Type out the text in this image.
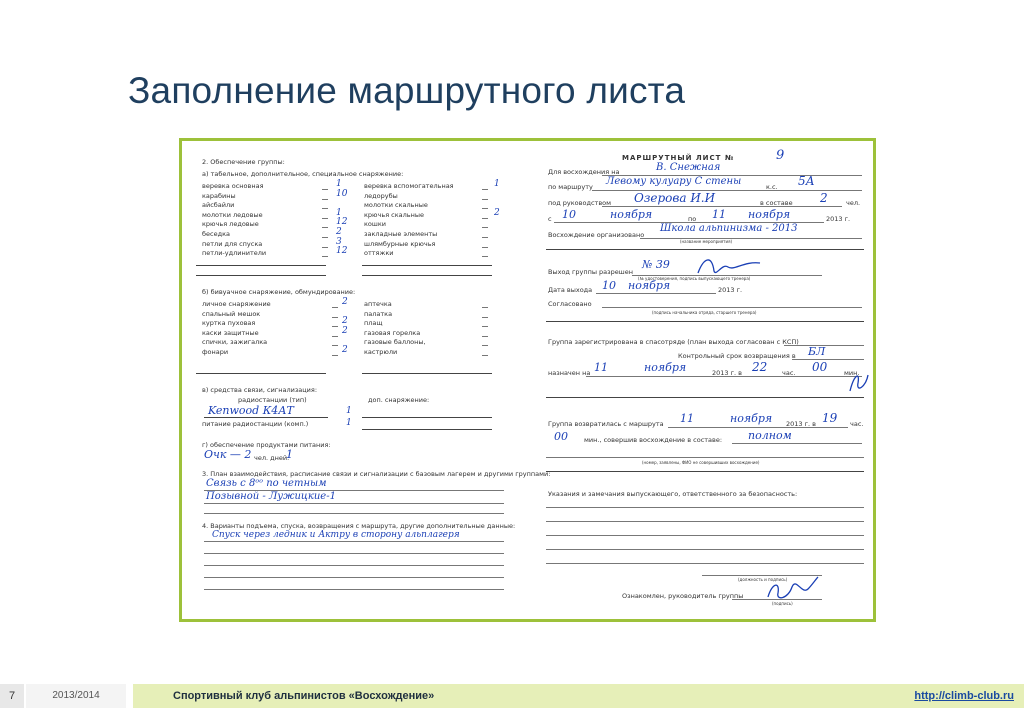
Заполнение маршрутного листа
2. Обеспечение группы:
а) табельное, дополнительное, специальное снаряжение:
веревка основная	1
карабины	10
айсбайли
молотки ледовые	1
крючья ледовые	12
беседка	2
петли для спуска	3
петли-удлинители	12
веревка вспомогательная	1
ледорубы
молотки скальные
крючья скальные	2
кошки
закладные элементы
шлямбурные крючья
оттяжки
б) бивуачное снаряжение, обмундирование:
личное снаряжение	2
спальный мешок
куртка пуховая	2
каски защитные	2
спички, зажигалка
фонари	2
аптечка
палатка
плащ
газовая горелка
газовые баллоны,
кастрюли
в) средства связи, сигнализация:
радиостанции (тип)	доп. снаряжение:
Kenwood К4АТ
питание радиостанции (комп.)
1
1
г) обеспечение продуктами питания:
Очк — 2 чел. дней.
1
3. План взаимодействия, расписание связи и сигнализации с базовым лагерем и другими группами:
Связь с 8ᵒᵒ по четным
Позывной - Лужицкие-1
4. Варианты подъема, спуска, возвращения с маршрута, другие дополнительные данные:
Спуск через ледник и Актру в сторону альплагеря
МАРШРУТНЫЙ ЛИСТ №	9
Для восхождения на	В. Снежная
по маршруту Левому кулуару С стены	к.с. 5А
под руководством Озерова И.И	в составе 2	чел.
с 10	ноября	по 11 ноября	2013 г.
Восхождение организовано
Школа альпинизма - 2013
(название мероприятия)
Выход группы разрешен
№ 39
(№ удостоверения, подпись выпускающего тренера)
Дата выхода 10 ноября	2013 г.
Согласовано
(подпись начальника отряда, старшего тренера)
Группа зарегистрирована в спасотряде (план выхода согласован с КСП)
Контрольный срок возвращения в БЛ
назначен на 11	ноября	2013 г. в 22 час. 00	мин.
Группа возвратилась с маршрута 11	ноября 2013 г. в 19 час.
00 мин., совершив восхождение в составе: полном
(номер, заявлены, ФИО не совершивших восхождение)
Указания и замечания выпускающего, ответственного за безопасность:
(должность и подпись)
Ознакомлен, руководитель группы
(подпись)
7	2013/2014	Спортивный клуб альпинистов «Восхождение»	http://climb-club.ru
